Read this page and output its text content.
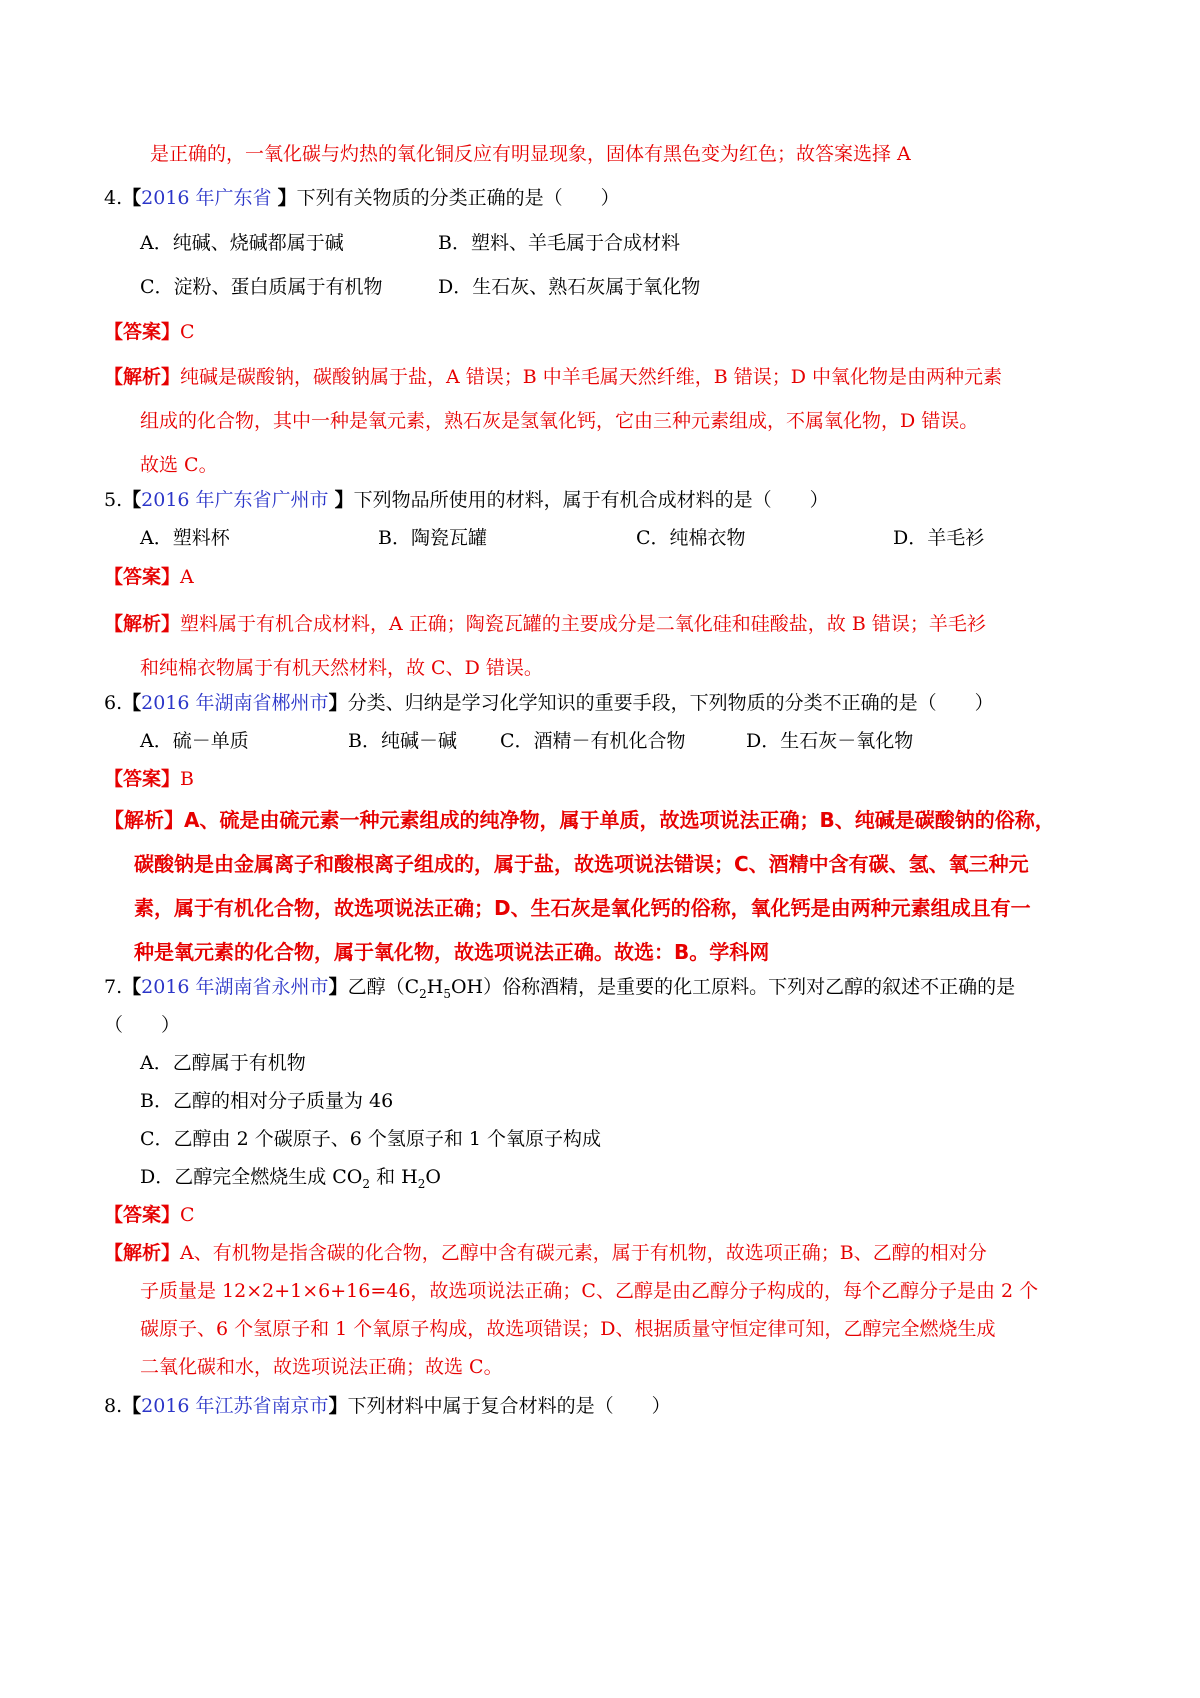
是正确的，一氧化碳与灼热的氧化铜反应有明显现象，固体有黑色变为红色；故答案选择 A
4.【2016 年广东省 】下列有关物质的分类正确的是（　　）
A．纯碱、烧碱都属于碱	B．塑料、羊毛属于合成材料
C．淀粉、蛋白质属于有机物	D．生石灰、熟石灰属于氧化物
【答案】C
【解析】纯碱是碳酸钠，碳酸钠属于盐，A 错误；B 中羊毛属天然纤维，B 错误；D 中氧化物是由两种元素
组成的化合物，其中一种是氧元素，熟石灰是氢氧化钙，它由三种元素组成，不属氧化物，D 错误。
故选 C。
5.【2016 年广东省广州市 】下列物品所使用的材料，属于有机合成材料的是（　　）
A．塑料杯	B．陶瓷瓦罐	C．纯棉衣物	D．羊毛衫
【答案】A
【解析】塑料属于有机合成材料，A 正确；陶瓷瓦罐的主要成分是二氧化硅和硅酸盐，故 B 错误；羊毛衫
和纯棉衣物属于有机天然材料，故 C、D 错误。
6.【2016 年湖南省郴州市】分类、归纳是学习化学知识的重要手段，下列物质的分类不正确的是（　　）
A．硫－单质	B．纯碱－碱 C．酒精－有机化合物	D．生石灰－氧化物
【答案】B
【解析】A、硫是由硫元素一种元素组成的纯净物，属于单质，故选项说法正确；B、纯碱是碳酸钠的俗称，
碳酸钠是由金属离子和酸根离子组成的，属于盐，故选项说法错误；C、酒精中含有碳、氢、氧三种元
素，属于有机化合物，故选项说法正确；D、生石灰是氧化钙的俗称，氧化钙是由两种元素组成且有一
种是氧元素的化合物，属于氧化物，故选项说法正确。故选：B。学科网
7.【2016 年湖南省永州市】乙醇$(C_2H_5OH)$俗称酒精，是重要的化工原料。下列对乙醇的叙述不正确的是
（　　）
A．乙醇属于有机物
B．乙醇的相对分子质量为 46
C．乙醇由 2 个碳原子、6 个氢原子和 1 个氧原子构成
D．乙醇完全燃烧生成 $CO_2$ 和 $H_2O$
【答案】C
【解析】A、有机物是指含碳的化合物，乙醇中含有碳元素，属于有机物，故选项正确；B、乙醇的相对分
子质量是 12×2+1×6+16=46，故选项说法正确；C、乙醇是由乙醇分子构成的，每个乙醇分子是由 2 个
碳原子、6 个氢原子和 1 个氧原子构成，故选项错误；D、根据质量守恒定律可知，乙醇完全燃烧生成
二氧化碳和水，故选项说法正确；故选 C。
8.【2016 年江苏省南京市】下列材料中属于复合材料的是（　　）
